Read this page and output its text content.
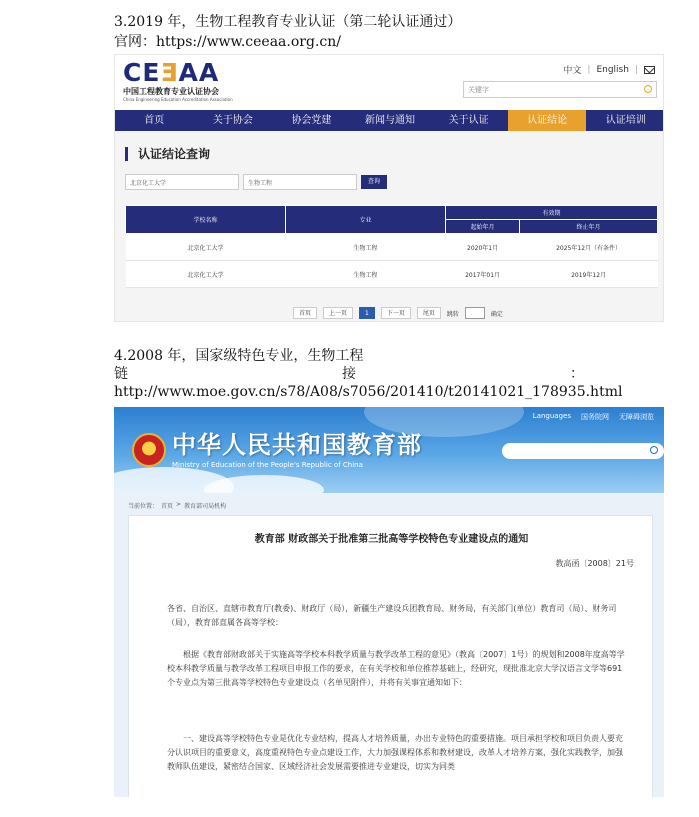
3.2019 年，生物工程教育专业认证（第二轮认证通过）
官网：https://www.ceeaa.org.cn/
CEƎAA
中国工程教育专业认证协会
China Engineering Education Accreditation Association
中文 | English |
关键字
首页	关于协会	协会党建	新闻与通知	关于认证	认证结论	认证培训
认证结论查询
北京化工大学	生物工程	查询
学校名称	专业	有效期	
		起始年月	终止年月
北京化工大学	生物工程	2020年1月	2025年12月（有条件）
北京化工大学	生物工程	2017年01月	2019年12月
首页	上一页	1	下一页	尾页	跳转	确定
4.2008 年，国家级特色专业，生物工程
链	接	：
http://www.moe.gov.cn/s78/A08/s7056/201410/t20141021_178935.html
中华人民共和国教育部
Ministry of Education of the People's Republic of China
Languages 国务院网 无障碍浏览
当前位置： 首页 > 教育部司局机构
教育部 财政部关于批准第三批高等学校特色专业建设点的通知
教高函〔2008〕21号
各省、自治区、直辖市教育厅(教委)、财政厅（局），新疆生产建设兵团教育局、财务局，有关部门(单位）教育司（局）、财务司（局），教育部直属各高等学校：
根据《教育部财政部关于实施高等学校本科教学质量与教学改革工程的意见》（教高〔2007〕1号）的规划和2008年度高等学校本科教学质量与教学改革工程项目申报工作的要求，在有关学校和单位推荐基础上，经研究，现批准北京大学汉语言文学等691个专业点为第三批高等学校特色专业建设点（名单见附件），并将有关事宜通知如下：
一、建设高等学校特色专业是优化专业结构，提高人才培养质量，办出专业特色的重要措施。项目承担学校和项目负责人要充分认识项目的重要意义，高度重视特色专业点建设工作，大力加强课程体系和教材建设，改革人才培养方案，强化实践教学，加强教师队伍建设，紧密结合国家、区域经济社会发展需要推进专业建设，切实为同类
